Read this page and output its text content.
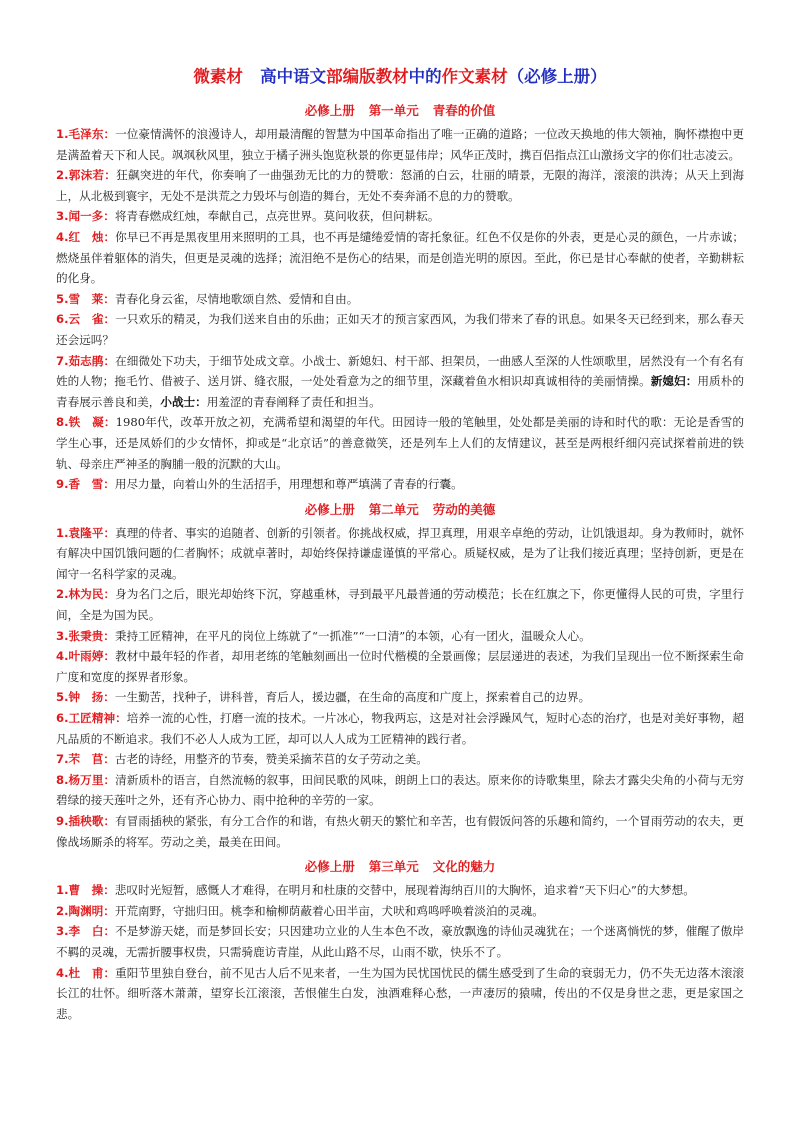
微素材 高中语文部编版教材中的作文素材（必修上册）
必修上册 第一单元 青春的价值

1.毛泽东：一位豪情满怀的浪漫诗人，却用最清醒的智慧为中国革命指出了唯一正确的道路；一位改天换地的伟大领袖，胸怀襟抱中更是满盈着天下和人民。飒飒秋风里，独立于橘子洲头饱览秋景的你更显伟岸；风华正茂时，携百侣指点江山激扬文字的你们壮志凌云。

2.郭沫若：狂飙突进的年代，你奏响了一曲强劲无比的力的赞歌：怒涌的白云，壮丽的晴景，无限的海洋，滚滚的洪涛；从天上到海上，从北极到寰宇，无处不是洪荒之力毁坏与创造的舞台，无处不奏奔涌不息的力的赞歌。

3.闻一多：将青春燃成红烛，奉献自己，点亮世界。莫问收获，但问耕耘。

4.红　烛：你早已不再是黑夜里用来照明的工具，也不再是缱绻爱情的寄托象征。红色不仅是你的外表，更是心灵的颜色，一片赤诚；燃烧虽伴着躯体的消失，但更是灵魂的选择；流泪绝不是伤心的结果，而是创造光明的原因。至此，你已是甘心奉献的使者，辛勤耕耘的化身。

5.雪　莱：青春化身云雀，尽情地歌颂自然、爱情和自由。

6.云　雀：一只欢乐的精灵，为我们送来自由的乐曲；正如天才的预言家西风，为我们带来了春的讯息。如果冬天已经到来，那么春天还会远吗？

7.茹志鹃：在细微处下功夫，于细节处成文章。小战士、新媳妇、村干部、担架员，一曲感人至深的人性颂歌里，居然没有一个有名有姓的人物；拖毛竹、借被子、送月饼、缝衣服，一处处看意为之的细节里，深藏着鱼水相识却真诚相待的美丽情操。新媳妇：用质朴的青春展示善良和美，小战士：用羞涩的青春阐释了责任和担当。

8.铁　凝：1980年代，改革开放之初，充满希望和渴望的年代。田园诗一般的笔触里，处处都是美丽的诗和时代的歌：无论是香雪的学生心事，还是凤娇们的少女情怀，抑或是“北京话”的善意微笑，还是列车上人们的友情建议，甚至是两根纤细闪亮试探着前进的铁轨、母亲庄严神圣的胸脯一般的沉默的大山。

9.香　雪：用尽力量，向着山外的生活招手，用理想和尊严填满了青春的行囊。

必修上册 第二单元 劳动的美德

1.袁隆平：真理的侍者、事实的追随者、创新的引领者。你挑战权威，捍卫真理，用艰辛卓绝的劳动，让饥饿退却。身为教师时，就怀有解决中国饥饿问题的仁者胸怀；成就卓著时，却始终保持谦虚谨慎的平常心。质疑权威，是为了让我们接近真理；坚持创新，更是在闻守一名科学家的灵魂。

2.林为民：身为名门之后，眼光却始终下沉，穿越重林，寻到最平凡最普通的劳动模范；长在红旗之下，你更懂得人民的可贵，字里行间，全是为国为民。

3.张秉贵：秉持工匠精神，在平凡的岗位上练就了“一抓准”“一口清”的本领，心有一团火，温暖众人心。

4.叶雨婷：教材中最年轻的作者，却用老练的笔触刻画出一位时代楷模的全景画像；层层递进的表述，为我们呈现出一位不断探索生命广度和宽度的探界者形象。

5.钟　扬：一生勤苦，找种子，讲科普，育后人，援边疆，在生命的高度和广度上，探索着自己的边界。

6.工匠精神：培养一流的心性，打磨一流的技术。一片冰心，物我两忘，这是对社会浮躁风气，短时心态的治疗，也是对美好事物，超凡品质的不断追求。我们不必人人成为工匠，却可以人人成为工匠精神的践行者。

7.芣　苢：古老的诗经，用整齐的节奏，赞美采摘芣苢的女子劳动之美。

8.杨万里：清新质朴的语言，自然流畅的叙事，田间民歌的风味，朗朗上口的表达。原来你的诗歌集里，除去才露尖尖角的小荷与无穷碧绿的接天莲叶之外，还有齐心协力、雨中抢种的辛劳的一家。

9.插秧歌：有冒雨插秧的紧张，有分工合作的和谐，有热火朝天的繁忙和辛苦，也有假饭问答的乐趣和简约，一个冒雨劳动的农夫，更像战场厮杀的将军。劳动之美，最美在田间。

必修上册 第三单元 文化的魅力

1.曹　操：悲叹时光短暂，感慨人才难得，在明月和杜康的交替中，展现着海纳百川的大胸怀，追求着“天下归心”的大梦想。

2.陶渊明：开荒南野，守拙归田。桃李和榆柳荫蔽着心田半亩，犬吠和鸡鸣呼唤着淡泊的灵魂。

3.李　白：不是梦游天姥，而是梦回长安；只因建功立业的人生本色不改，豪放飘逸的诗仙灵魂犹在；一个迷离惝恍的梦，催醒了傲岸不羁的灵魂，无需折腰事权贵，只需骑鹿访青崖，从此山路不尽，山雨不歇，快乐不了。

4.杜　甫：重阳节里独自登台，前不见古人后不见来者，一生为国为民忧国忧民的儒生感受到了生命的衰弱无力，仍不失无边落木滚滚长江的壮怀。细听落木萧萧，望穿长江滚滚，苦恨催生白发，浊酒难释心愁，一声凄厉的猿啸，传出的不仅是身世之悲，更是家国之悲。
